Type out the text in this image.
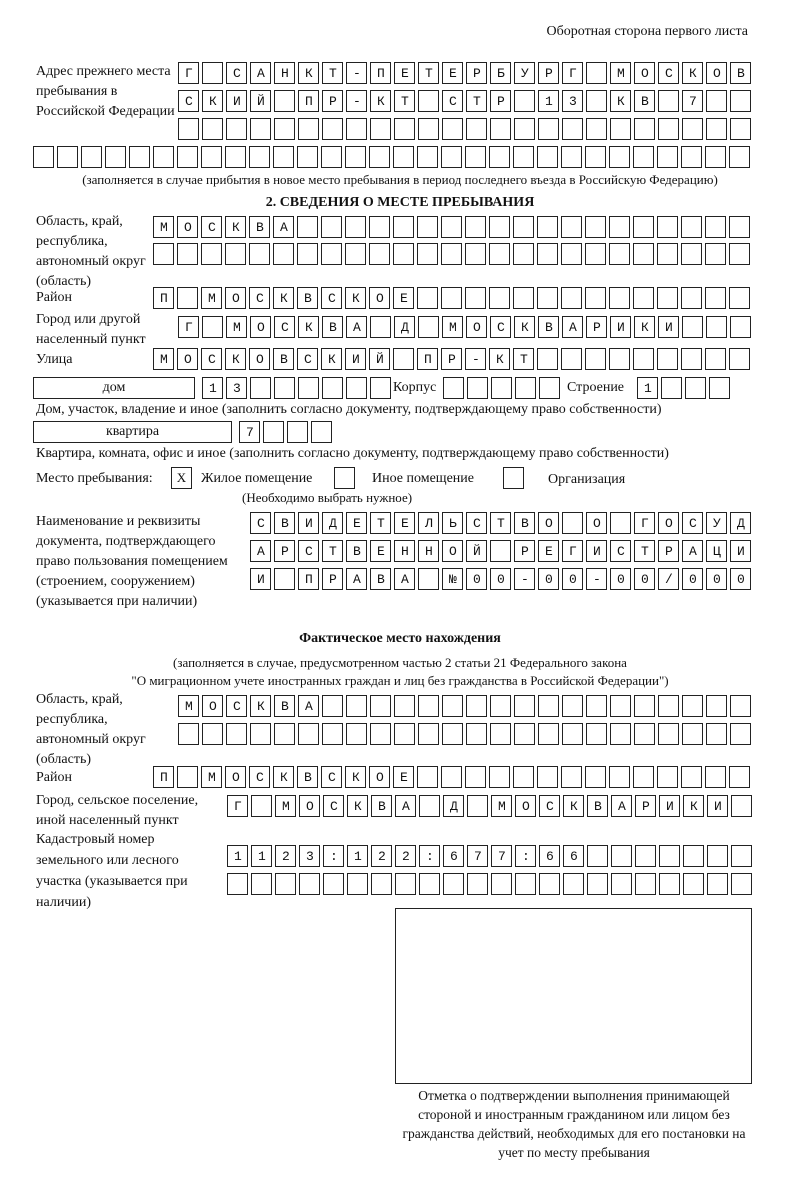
Оборотная сторона первого листа
Адрес прежнего места пребывания в Российской Федерации
Г САНКТ-ПЕТЕРБУРГ МОСКОВ
СКИЙ ПР-КТ СТР 13 КВ 7
(заполняется в случае прибытия в новое место пребывания в период последнего въезда в Российскую Федерацию)
2. СВЕДЕНИЯ О МЕСТЕ ПРЕБЫВАНИЯ
Область, край, республика, автономный округ (область)
МОСКВА
Район	П МОСКВСКОЕ
Город или другой населенный пункт
Г МОСКВА Д МОСКВАРИКИ
Улица	МОСКОВСКИЙ ПР-КТ
дом	13	Корпус	Строение 1
Дом, участок, владение и иное (заполнить согласно документу, подтверждающему право собственности)
квартира	7
Квартира, комната, офис и иное (заполнить согласно документу, подтверждающему право собственности)
Место пребывания:	X	Жилое помещение	Иное помещение	Организация
(Необходимо выбрать нужное)
Наименование и реквизиты документа, подтверждающего право пользования помещением (строением, сооружением) (указывается при наличии)
СВИДЕТЕЛЬСТВО О ГОСУД
АРСТВЕННОЙ РЕГИСТРАЦИ
И ПРАВА №00-00-00/000
Фактическое место нахождения
(заполняется в случае, предусмотренном частью 2 статьи 21 Федерального закона
"О миграционном учете иностранных граждан и лиц без гражданства в Российской Федерации")
Область, край, республика, автономный округ (область)
МОСКВА
Район	П МОСКВСКОЕ
Город, сельское поселение, иной населенный пункт
Г МОСКВА Д МОСКВАРИКИ
Кадастровый номер земельного или лесного участка (указывается при наличии)
1123:122:677:66
Отметка о подтверждении выполнения принимающей стороной и иностранным гражданином или лицом без гражданства действий, необходимых для его постановки на учет по месту пребывания
